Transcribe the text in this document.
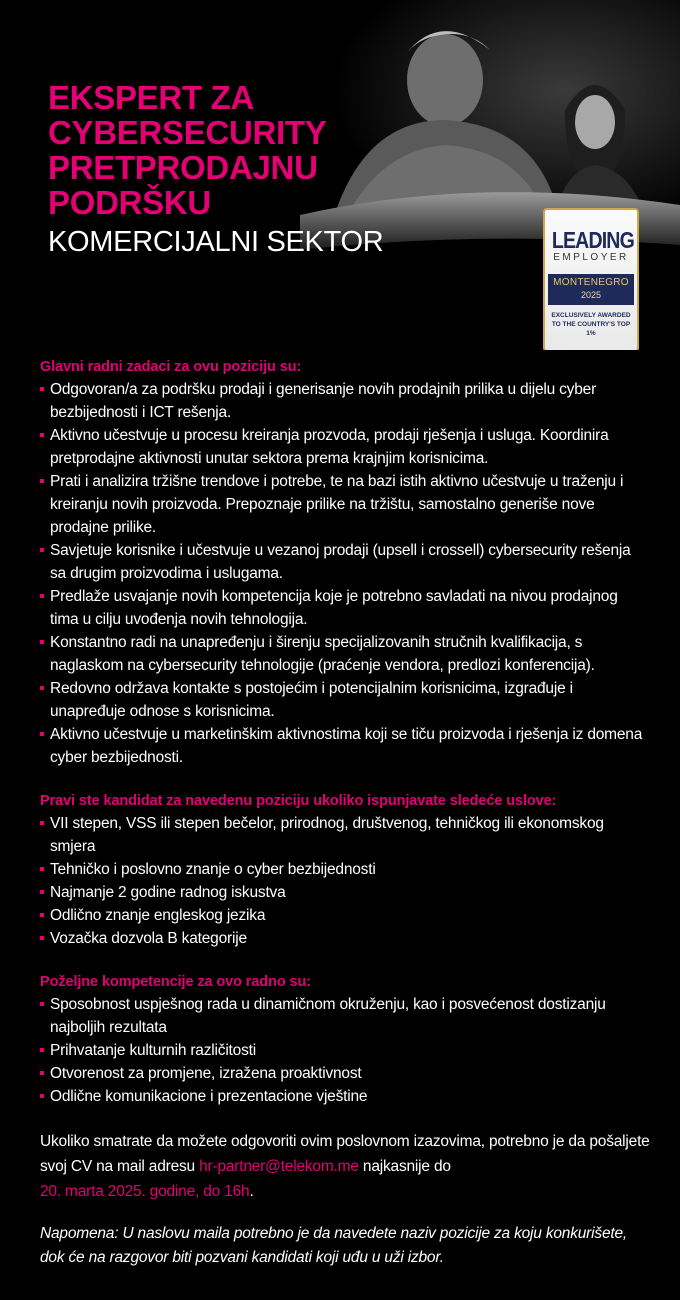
EKSPERT ZA
CYBERSECURITY
PRETPRODAJNU
PODRŠKU
KOMERCIJALNI SEKTOR	LEADING
EMPLOYER
MONTENEGRO
2025
EXCLUSIVELY AWARDED
TO THE COUNTRY'S TOP 1%
Glavni radni zadaci za ovu poziciju su:
Odgovoran/a za podršku prodaji i generisanje novih prodajnih prilika u dijelu cyber bezbijednosti i ICT rešenja.
Aktivno učestvuje u procesu kreiranja prozvoda, prodaji rješenja i usluga. Koordinira pretprodajne aktivnosti unutar sektora prema krajnjim korisnicima.
Prati i analizira tržišne trendove i potrebe, te na bazi istih aktivno učestvuje u traženju i kreiranju novih proizvoda. Prepoznaje prilike na tržištu, samostalno generiše nove prodajne prilike.
Savjetuje korisnike i učestvuje u vezanoj prodaji (upsell i crossell) cybersecurity rešenja sa drugim proizvodima i uslugama.
Predlaže usvajanje novih kompetencija koje je potrebno savladati na nivou prodajnog tima u cilju uvođenja novih tehnologija.
Konstantno radi na unapređenju i širenju specijalizovanih stručnih kvalifikacija, s naglaskom na cybersecurity tehnologije (praćenje vendora, predlozi konferencija).
Redovno održava kontakte s postojećim i potencijalnim korisnicima, izgrađuje i unapređuje odnose s korisnicima.
Aktivno učestvuje u marketinškim aktivnostima koji se tiču proizvoda i rješenja iz domena cyber bezbijednosti.
Pravi ste kandidat za navedenu poziciju ukoliko ispunjavate sledeće uslove:
VII stepen, VSS ili stepen bečelor, prirodnog, društvenog, tehničkog ili ekonomskog smjera
Tehničko i poslovno znanje o cyber bezbijednosti
Najmanje 2 godine radnog iskustva
Odlično znanje engleskog jezika
Vozačka dozvola B kategorije
Poželjne kompetencije za ovo radno su:
Sposobnost uspješnog rada u dinamičnom okruženju, kao i posvećenost dostizanju najboljih rezultata
Prihvatanje kulturnih različitosti
Otvorenost za promjene, izražena proaktivnost
Odlične komunikacione i prezentacione vještine
Ukoliko smatrate da možete odgovoriti ovim poslovnom izazovima, potrebno je da pošaljete svoj CV na mail adresu hr-partner@telekom.me najkasnije do
20. marta 2025. godine, do 16h.
Napomena: U naslovu maila potrebno je da navedete naziv pozicije za koju konkurišete, dok će na razgovor biti pozvani kandidati koji uđu u uži izbor.
